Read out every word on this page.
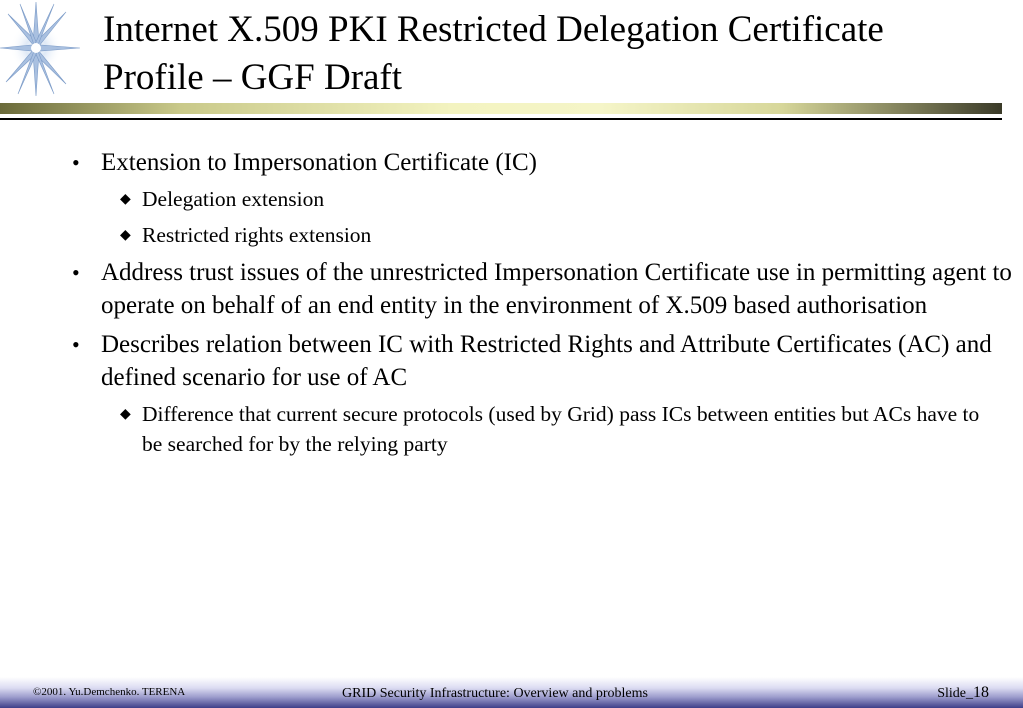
Internet X.509 PKI Restricted Delegation Certificate
Profile – GGF Draft
• Extension to Impersonation Certificate (IC)
◆ Delegation extension
◆ Restricted rights extension
• Address trust issues of the unrestricted Impersonation Certificate use in permitting agent to operate on behalf of an end entity in the environment of X.509 based authorisation
• Describes relation between IC with Restricted Rights and Attribute Certificates (AC) and defined scenario for use of AC
◆ Difference that current secure protocols (used by Grid) pass ICs between entities but ACs have to be searched for by the relying party
©2001. Yu.Demchenko. TERENA	GRID Security Infrastructure: Overview and problems	Slide_18
